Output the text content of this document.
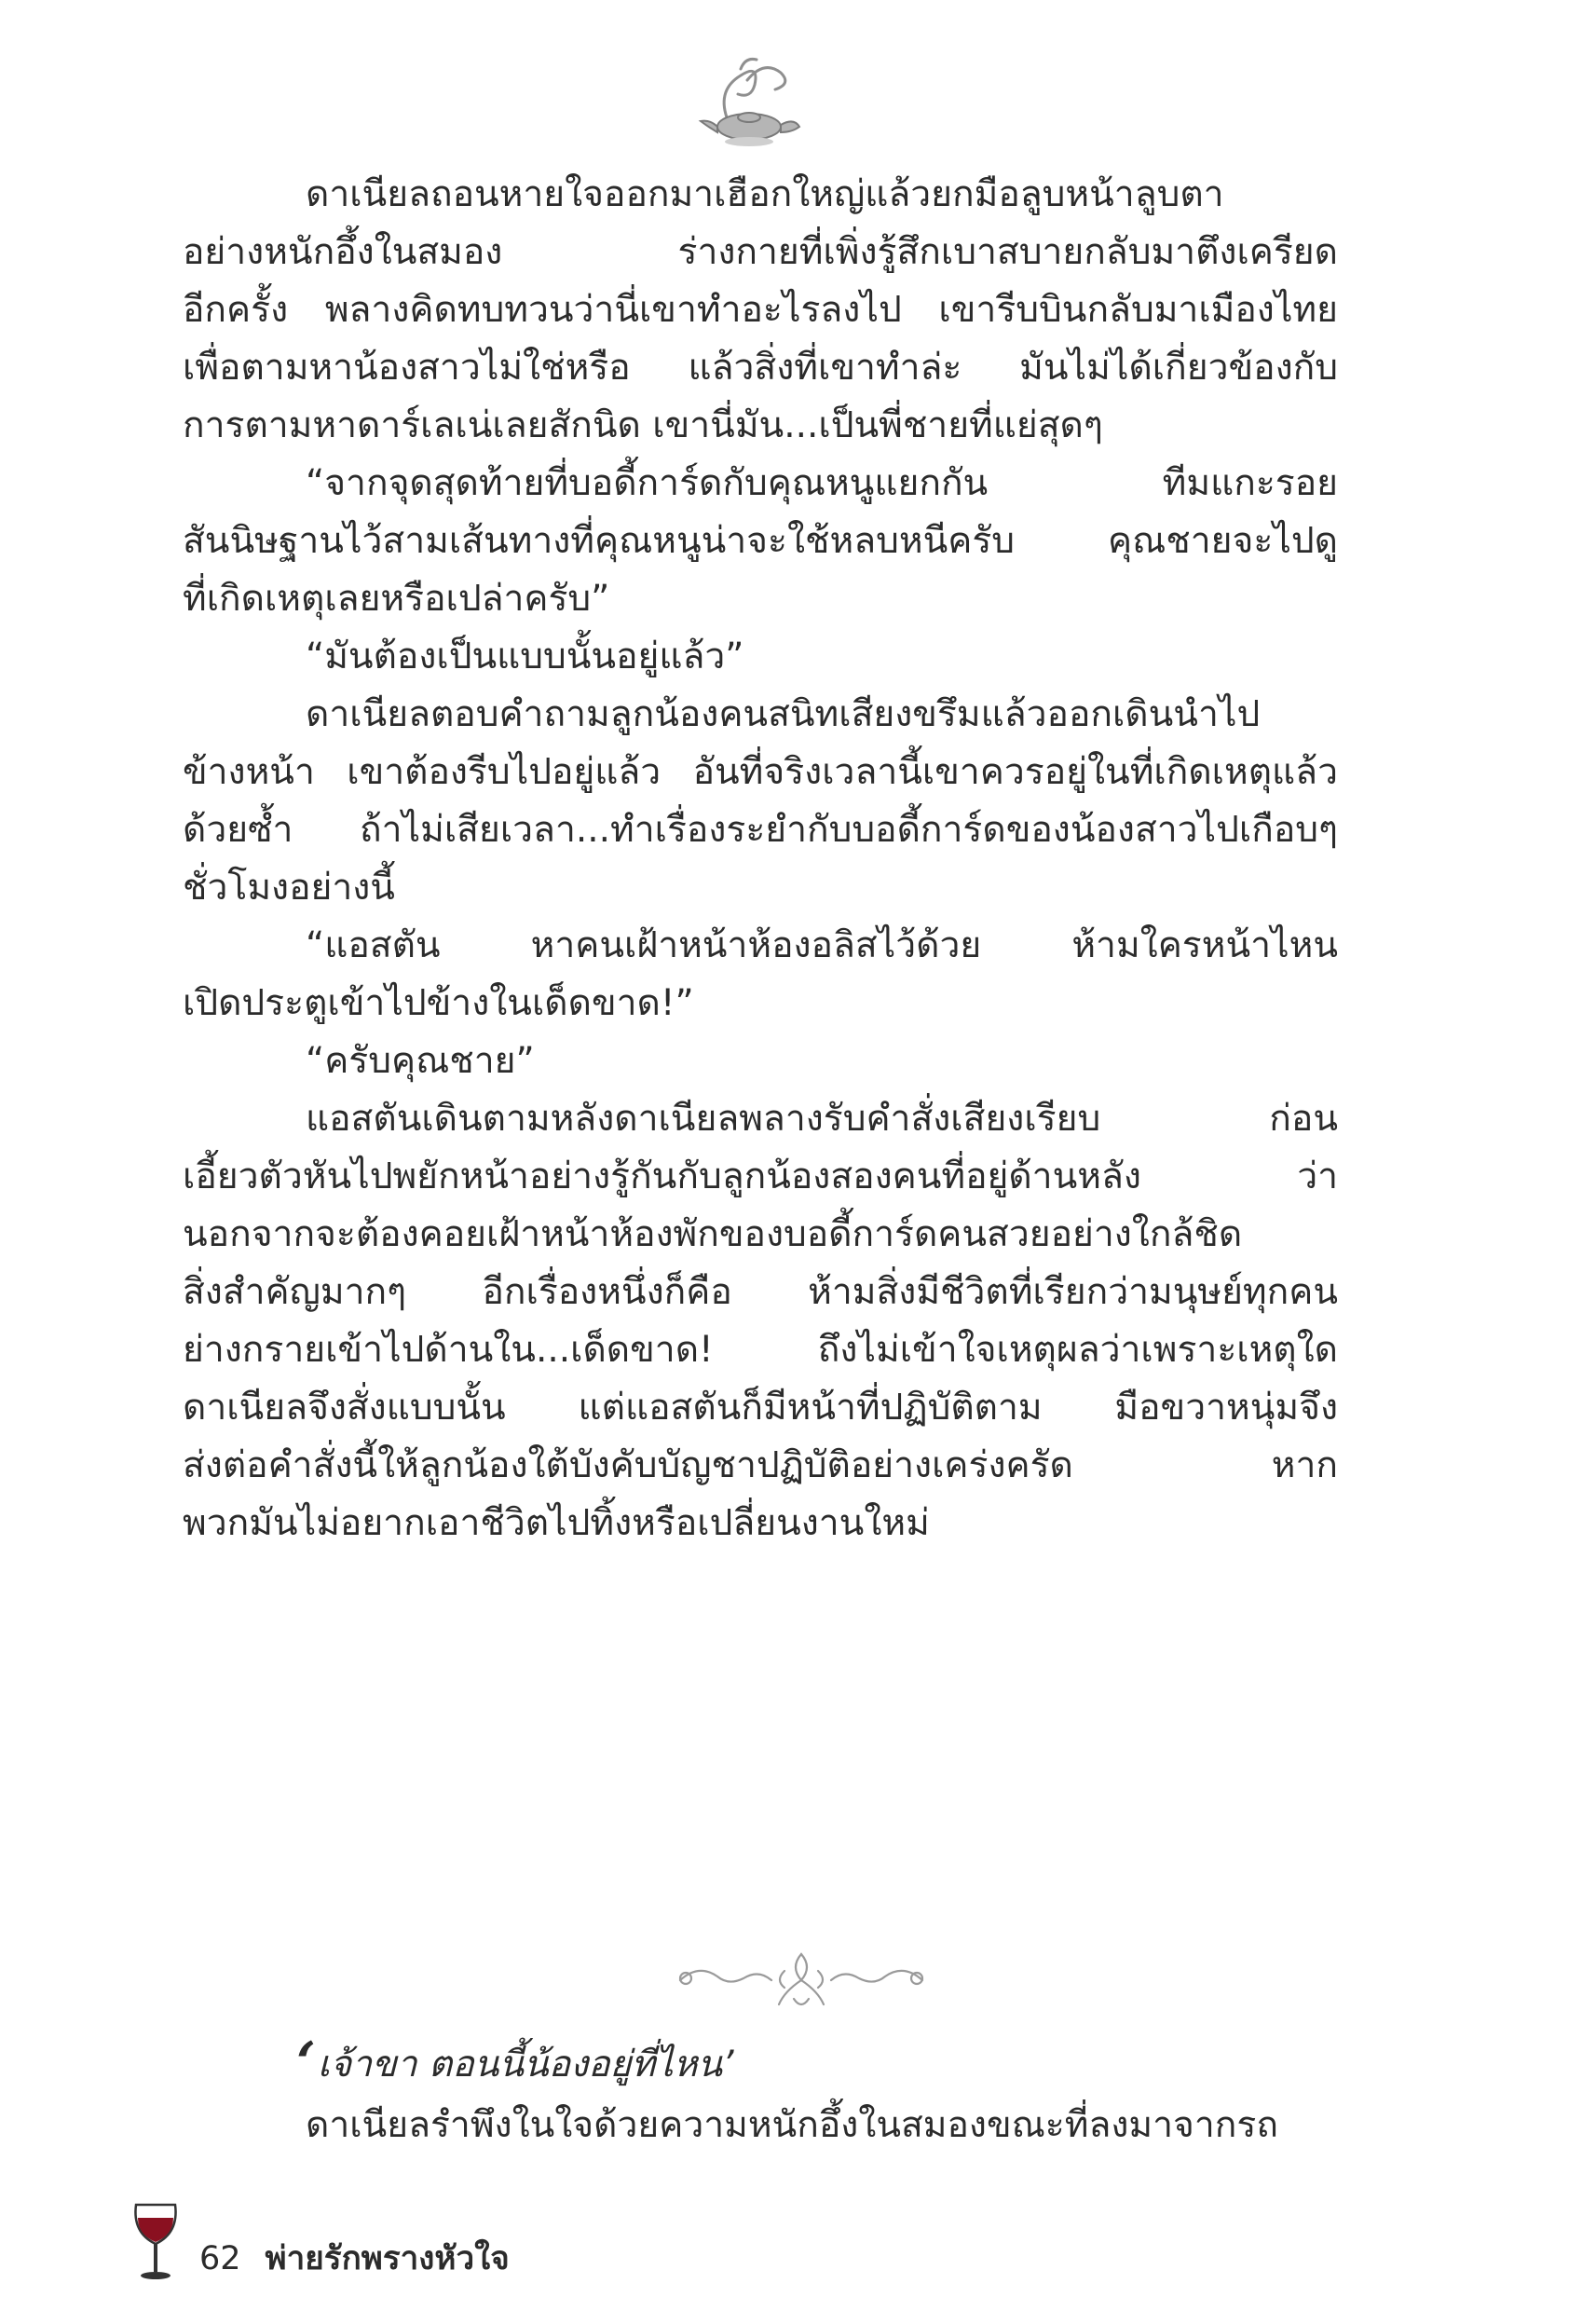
ดาเนียลถอนหายใจออกมาเฮือกใหญ่แล้วยกมือลูบหน้าลูบตา
อย่างหนักอึ้งในสมอง ร่างกายที่เพิ่งรู้สึกเบาสบายกลับมาตึงเครียด
อีกครั้ง พลางคิดทบทวนว่านี่เขาทำอะไรลงไป เขารีบบินกลับมาเมืองไทย
เพื่อตามหาน้องสาวไม่ใช่หรือ แล้วสิ่งที่เขาทำล่ะ มันไม่ได้เกี่ยวข้องกับ
การตามหาดาร์เลเน่เลยสักนิด เขานี่มัน...เป็นพี่ชายที่แย่สุดๆ
“จากจุดสุดท้ายที่บอดี้การ์ดกับคุณหนูแยกกัน ทีมแกะรอย
สันนิษฐานไว้สามเส้นทางที่คุณหนูน่าจะใช้หลบหนีครับ คุณชายจะไปดู
ที่เกิดเหตุเลยหรือเปล่าครับ”
“มันต้องเป็นแบบนั้นอยู่แล้ว”
ดาเนียลตอบคำถามลูกน้องคนสนิทเสียงขรึมแล้วออกเดินนำไป
ข้างหน้า เขาต้องรีบไปอยู่แล้ว อันที่จริงเวลานี้เขาควรอยู่ในที่เกิดเหตุแล้ว
ด้วยซ้ำ ถ้าไม่เสียเวลา...ทำเรื่องระยำกับบอดี้การ์ดของน้องสาวไปเกือบๆ
ชั่วโมงอย่างนี้
“แอสตัน หาคนเฝ้าหน้าห้องอลิสไว้ด้วย ห้ามใครหน้าไหน
เปิดประตูเข้าไปข้างในเด็ดขาด!”
“ครับคุณชาย”
แอสตันเดินตามหลังดาเนียลพลางรับคำสั่งเสียงเรียบ ก่อน
เอี้ยวตัวหันไปพยักหน้าอย่างรู้กันกับลูกน้องสองคนที่อยู่ด้านหลัง ว่า
นอกจากจะต้องคอยเฝ้าหน้าห้องพักของบอดี้การ์ดคนสวยอย่างใกล้ชิด
สิ่งสำคัญมากๆ อีกเรื่องหนึ่งก็คือ ห้ามสิ่งมีชีวิตที่เรียกว่ามนุษย์ทุกคน
ย่างกรายเข้าไปด้านใน...เด็ดขาด! ถึงไม่เข้าใจเหตุผลว่าเพราะเหตุใด
ดาเนียลจึงสั่งแบบนั้น แต่แอสตันก็มีหน้าที่ปฏิบัติตาม มือขวาหนุ่มจึง
ส่งต่อคำสั่งนี้ให้ลูกน้องใต้บังคับบัญชาปฏิบัติอย่างเคร่งครัด หาก
พวกมันไม่อยากเอาชีวิตไปทิ้งหรือเปลี่ยนงานใหม่
‘เจ้าขา ตอนนี้น้องอยู่ที่ไหน’
ดาเนียลรำพึงในใจด้วยความหนักอึ้งในสมองขณะที่ลงมาจากรถ
62 พ่ายรักพรางหัวใจ
